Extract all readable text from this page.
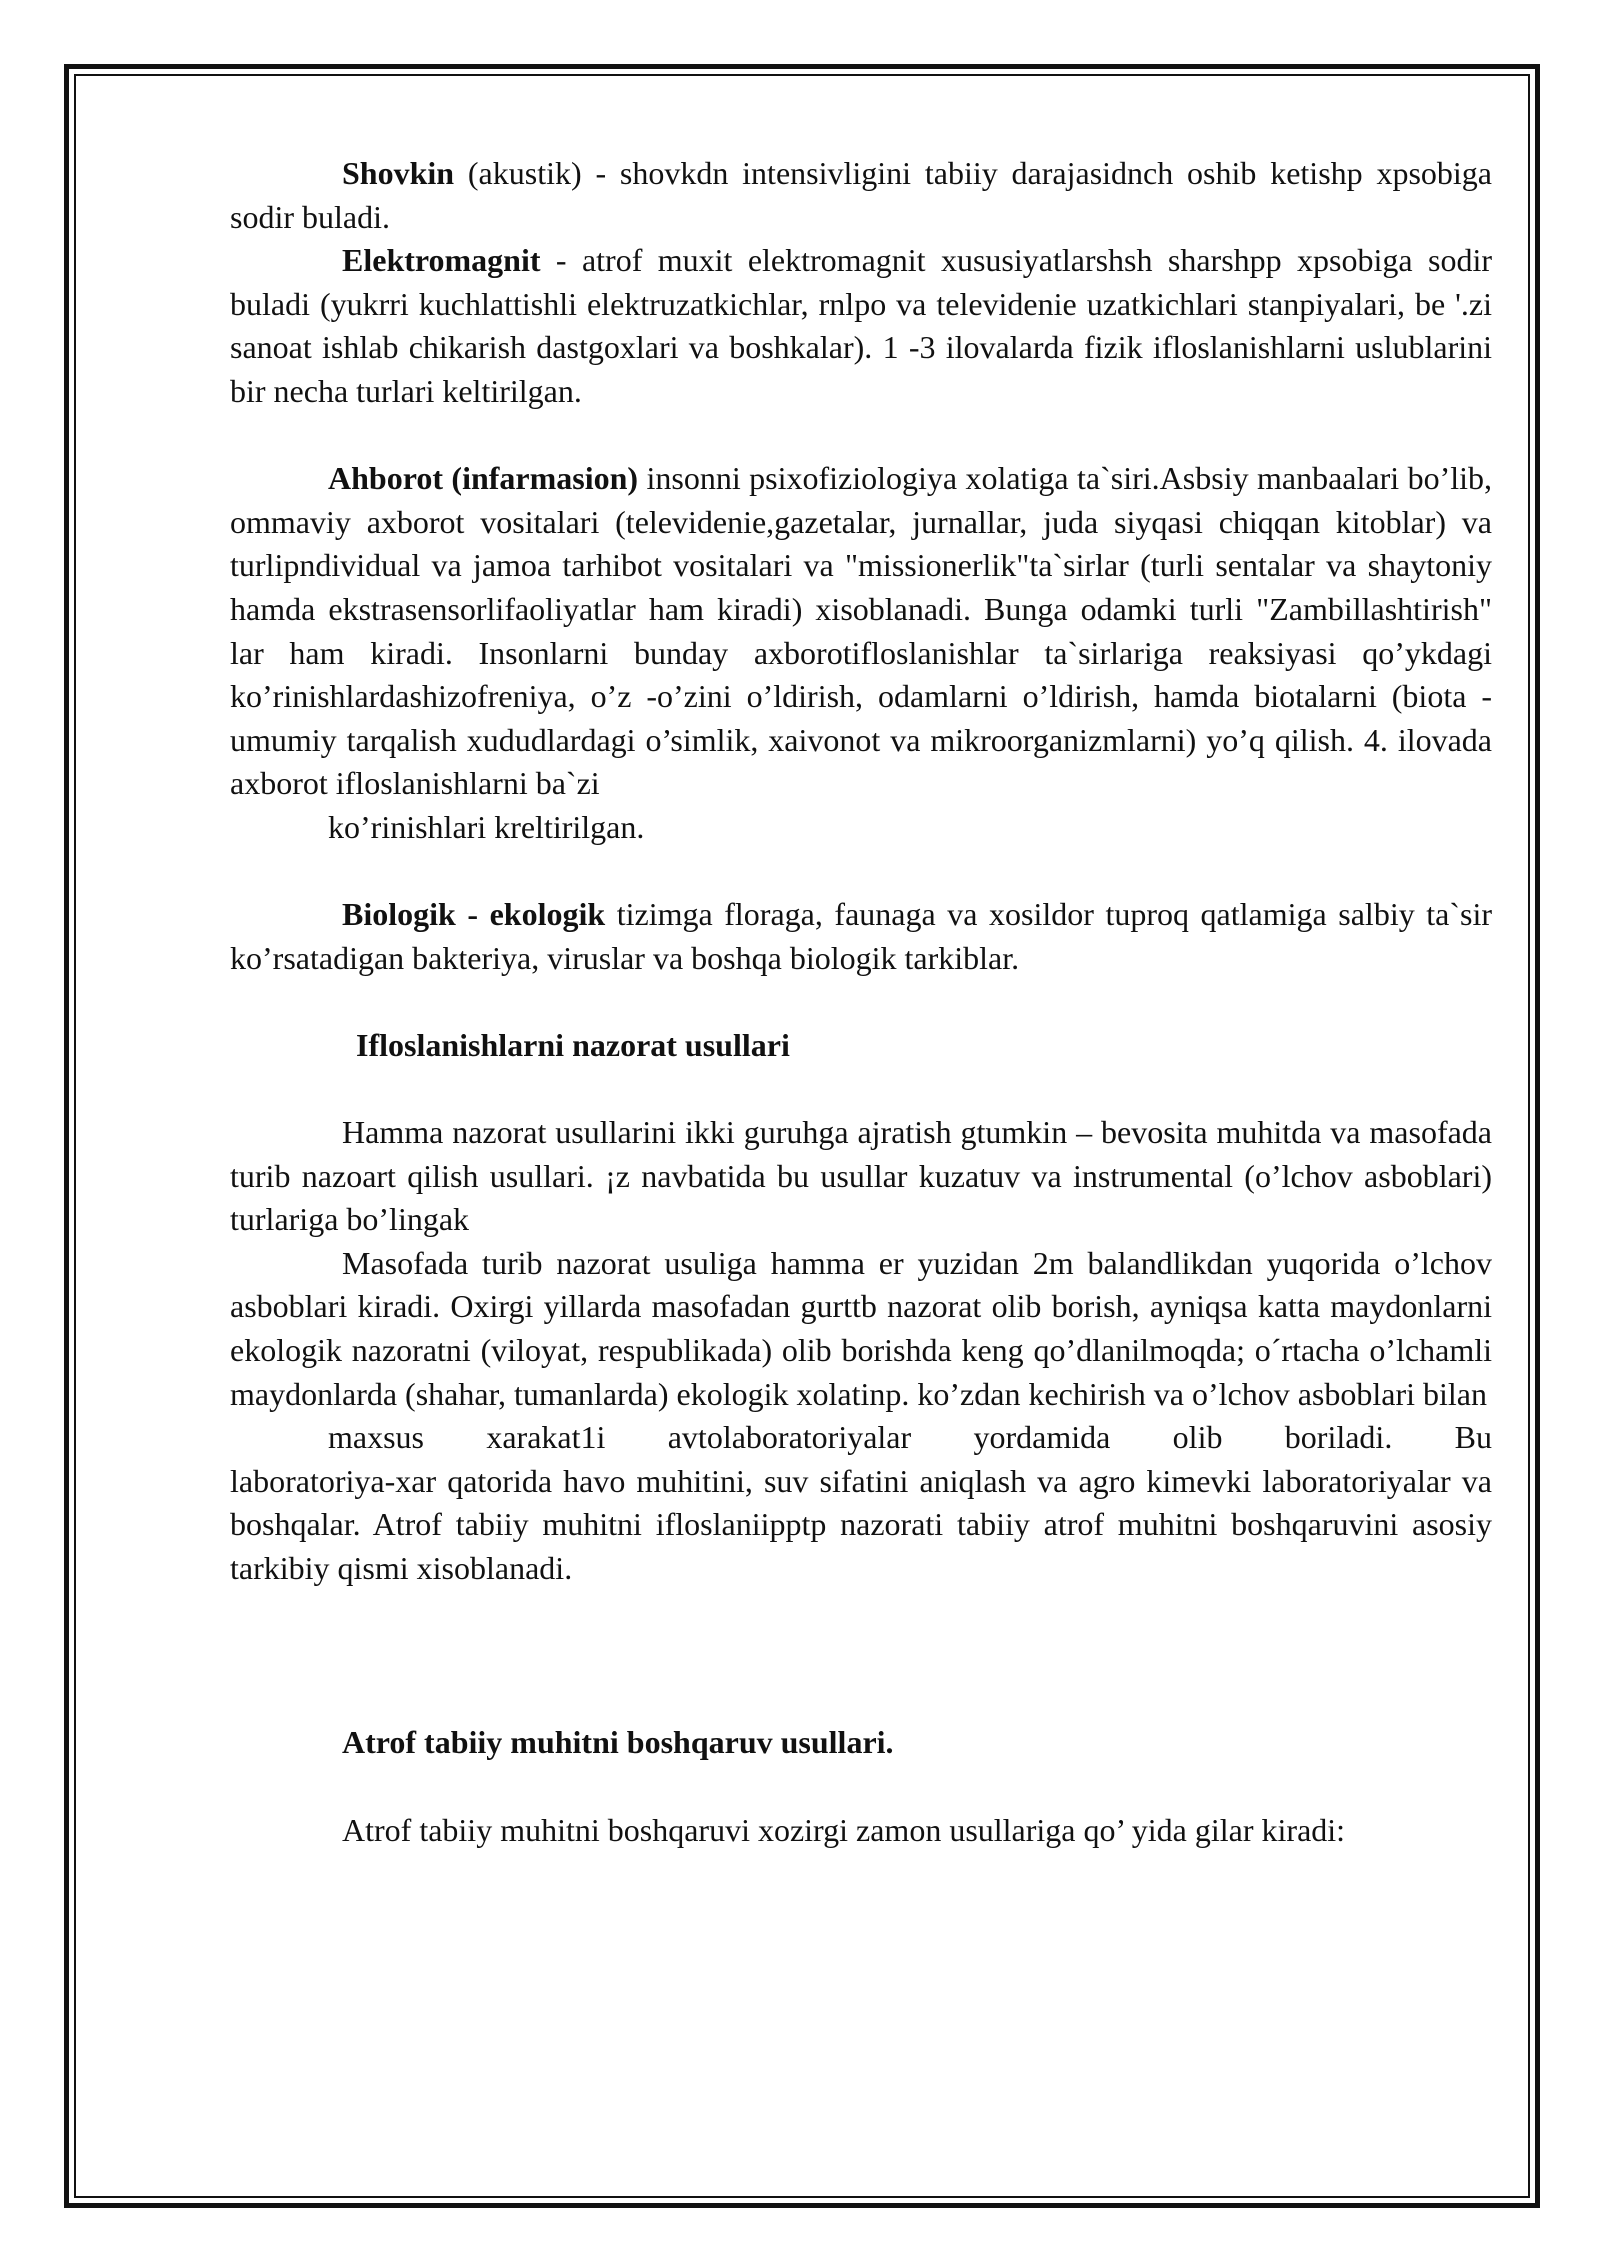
Shovkin (akustik) - shovkdn intensivligini tabiiy darajasidnch oshib ketishp xpsobiga sodir buladi.

Elektromagnit - atrof muxit elektromagnit xususiyatlarshsh sharshpp xpsobiga sodir buladi (yukrri kuchlattishli elektruzatkichlar, rnlpo va televidenie uzatkichlari stanpiyalari, be '.zi sanoat ishlab chikarish dastgoxlari va boshkalar). 1 -3 ilovalarda fizik ifloslanishlarni uslublarini bir necha turlari keltirilgan.

Ahborot (infarmasion) insonni psixofiziologiya xolatiga ta`siri.Asbsiy manbaalari bo’lib, ommaviy axborot vositalari (televidenie,gazetalar, jurnallar, juda siyqasi chiqqan kitoblar) va turlipndividual va jamoa tarhibot vositalari va "missionerlik"ta`sirlar (turli sentalar va shaytoniy hamda ekstrasensorlifaoliyatlar ham kiradi) xisoblanadi. Bunga odamki turli "Zambillashtirish" lar ham kiradi. Insonlarni bunday axborotifloslanishlar ta`sirlariga reaksiyasi qo’ykdagi ko’rinishlardashizofreniya, o’z -o’zini o’ldirish, odamlarni o’ldirish, hamda biotalarni (biota - umumiy tarqalish xududlardagi o’simlik, xaivonot va mikroorganizmlarni) yo’q qilish. 4. ilovada axborot ifloslanishlarni ba`zi

ko’rinishlari kreltirilgan.

Biologik - ekologik tizimga floraga, faunaga va xosildor tuproq qatlamiga salbiy ta`sir ko’rsatadigan bakteriya, viruslar va boshqa biologik tarkiblar.

Ifloslanishlarni nazorat usullari

Hamma nazorat usullarini ikki guruhga ajratish gtumkin – bevosita muhitda va masofada turib nazoart qilish usullari. ¡z navbatida bu usullar kuzatuv va instrumental (o’lchov asboblari) turlariga bo’lingak

Masofada turib nazorat usuliga hamma er yuzidan 2m balandlikdan yuqorida o’lchov asboblari kiradi. Oxirgi yillarda masofadan gurttb nazorat olib borish, ayniqsa katta maydonlarni ekologik nazoratni (viloyat, respublikada) olib borishda keng qo’dlanilmoqda; o´rtacha o’lchamli maydonlarda (shahar, tumanlarda) ekologik xolatinp. ko’zdan kechirish va o’lchov asboblari bilan

maxsus xarakat1i avtolaboratoriyalar yordamida olib boriladi. Bu

laboratoriya-xar qatorida havo muhitini, suv sifatini aniqlash va agro kimevki laboratoriyalar va boshqalar. Atrof tabiiy muhitni ifloslaniipptp nazorati tabiiy atrof muhitni boshqaruvini asosiy tarkibiy qismi xisoblanadi.

Atrof tabiiy muhitni boshqaruv usullari.

Atrof tabiiy muhitni boshqaruvi xozirgi zamon usullariga qo’ yida gilar kiradi:
